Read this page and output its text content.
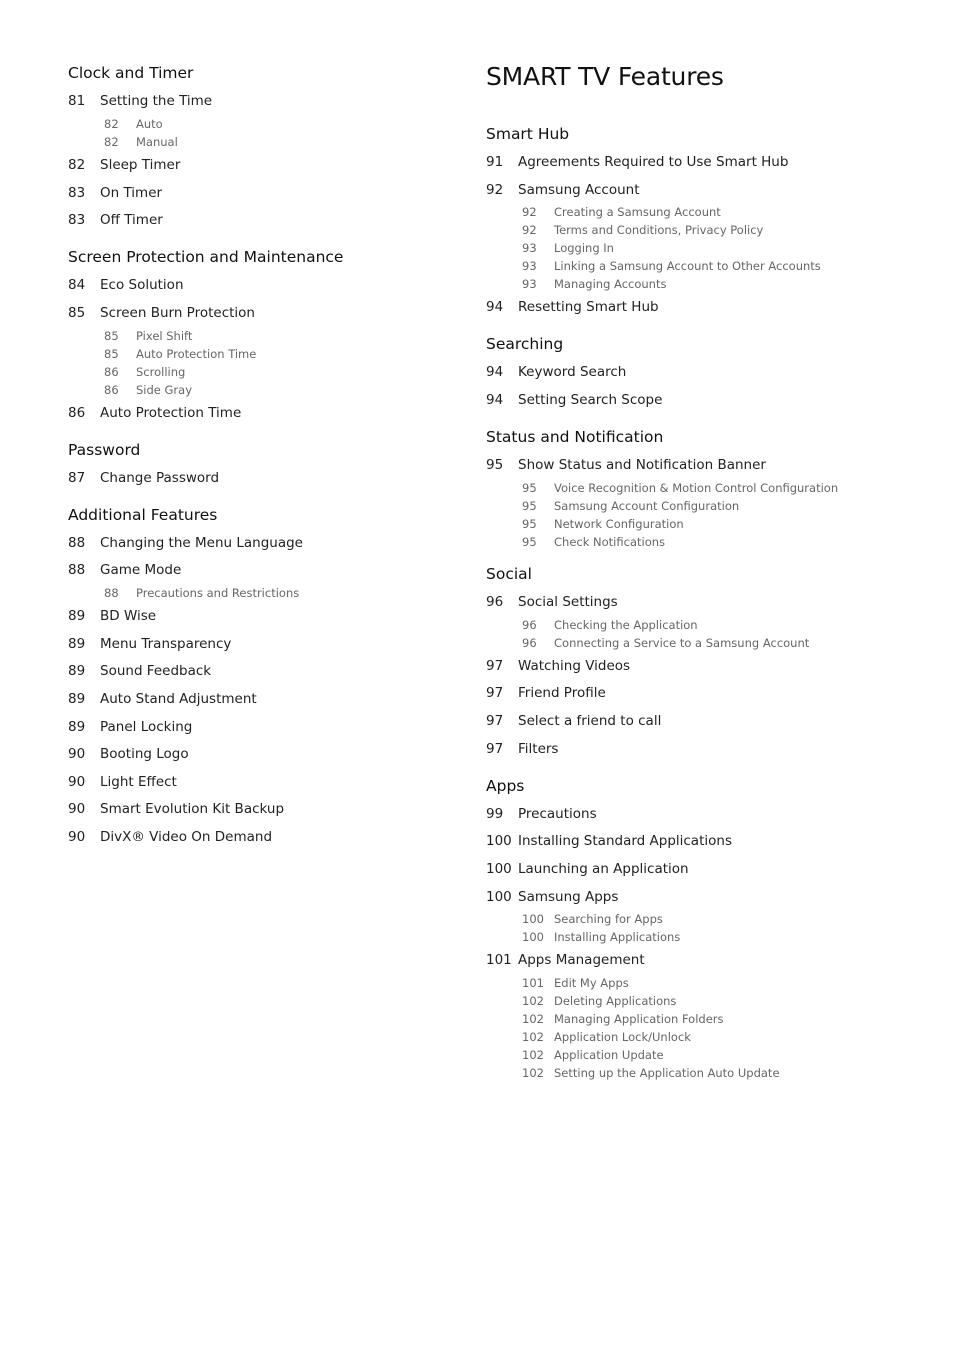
Clock and Timer
81 Setting the Time
82 Auto
82 Manual
82 Sleep Timer
83 On Timer
83 Off Timer
Screen Protection and Maintenance
84 Eco Solution
85 Screen Burn Protection
85 Pixel Shift
85 Auto Protection Time
86 Scrolling
86 Side Gray
86 Auto Protection Time
Password
87 Change Password
Additional Features
88 Changing the Menu Language
88 Game Mode
88 Precautions and Restrictions
89 BD Wise
89 Menu Transparency
89 Sound Feedback
89 Auto Stand Adjustment
89 Panel Locking
90 Booting Logo
90 Light Effect
90 Smart Evolution Kit Backup
90 DivX® Video On Demand
SMART TV Features
Smart Hub
91 Agreements Required to Use Smart Hub
92 Samsung Account
92 Creating a Samsung Account
92 Terms and Conditions, Privacy Policy
93 Logging In
93 Linking a Samsung Account to Other Accounts
93 Managing Accounts
94 Resetting Smart Hub
Searching
94 Keyword Search
94 Setting Search Scope
Status and Notification
95 Show Status and Notification Banner
95 Voice Recognition & Motion Control Configuration
95 Samsung Account Configuration
95 Network Configuration
95 Check Notifications
Social
96 Social Settings
96 Checking the Application
96 Connecting a Service to a Samsung Account
97 Watching Videos
97 Friend Profile
97 Select a friend to call
97 Filters
Apps
99 Precautions
100 Installing Standard Applications
100 Launching an Application
100 Samsung Apps
100 Searching for Apps
100 Installing Applications
101 Apps Management
101 Edit My Apps
102 Deleting Applications
102 Managing Application Folders
102 Application Lock/Unlock
102 Application Update
102 Setting up the Application Auto Update
